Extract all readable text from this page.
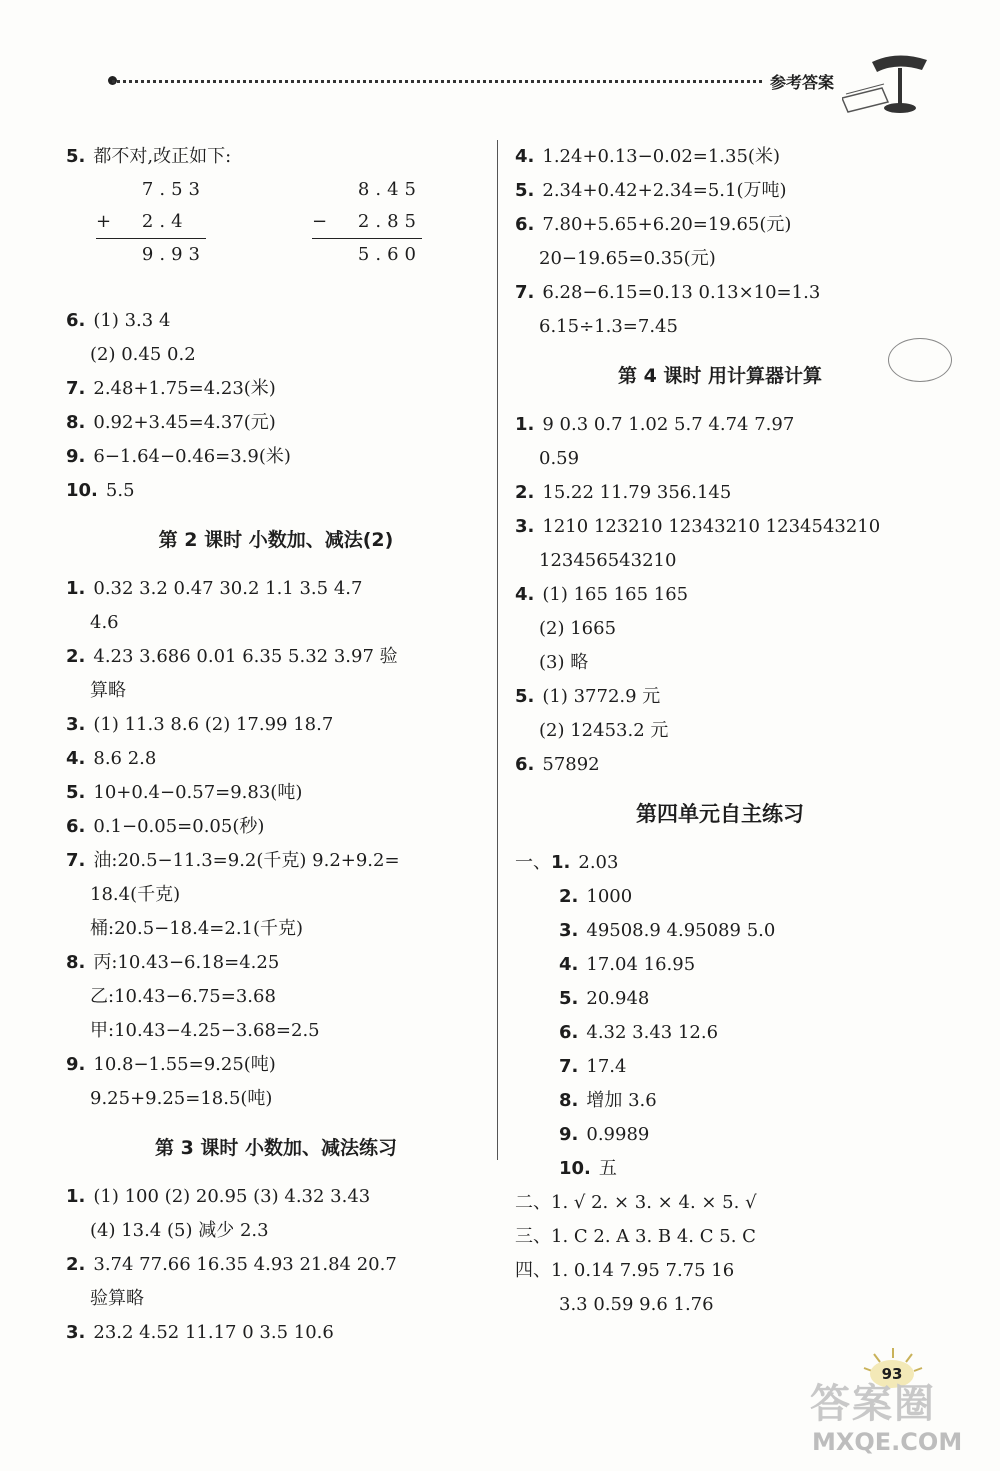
参考答案
5. 都不对,改正如下:
7.53
+ 2.4
9.93
8.45
− 2.85
5.60
6. (1) 3.3 4
(2) 0.45 0.2
7. 2.48+1.75=4.23(米)
8. 0.92+3.45=4.37(元)
9. 6−1.64−0.46=3.9(米)
10. 5.5
第 2 课时 小数加、减法(2)
1. 0.32 3.2 0.47 30.2 1.1 3.5 4.7
4.6
2. 4.23 3.686 0.01 6.35 5.32 3.97 验
算略
3. (1) 11.3 8.6 (2) 17.99 18.7
4. 8.6 2.8
5. 10+0.4−0.57=9.83(吨)
6. 0.1−0.05=0.05(秒)
7. 油:20.5−11.3=9.2(千克) 9.2+9.2=
18.4(千克)
桶:20.5−18.4=2.1(千克)
8. 丙:10.43−6.18=4.25
乙:10.43−6.75=3.68
甲:10.43−4.25−3.68=2.5
9. 10.8−1.55=9.25(吨)
9.25+9.25=18.5(吨)
第 3 课时 小数加、减法练习
1. (1) 100 (2) 20.95 (3) 4.32 3.43
(4) 13.4 (5) 减少 2.3
2. 3.74 77.66 16.35 4.93 21.84 20.7
验算略
3. 23.2 4.52 11.17 0 3.5 10.6
4. 1.24+0.13−0.02=1.35(米)
5. 2.34+0.42+2.34=5.1(万吨)
6. 7.80+5.65+6.20=19.65(元)
20−19.65=0.35(元)
7. 6.28−6.15=0.13 0.13×10=1.3
6.15÷1.3=7.45
第 4 课时 用计算器计算
1. 9 0.3 0.7 1.02 5.7 4.74 7.97
0.59
2. 15.22 11.79 356.145
3. 1210 123210 12343210 1234543210
123456543210
4. (1) 165 165 165
(2) 1665
(3) 略
5. (1) 3772.9 元
(2) 12453.2 元
6. 57892
第四单元自主练习
一、1. 2.03
2. 1000
3. 49508.9 4.95089 5.0
4. 17.04 16.95
5. 20.948
6. 4.32 3.43 12.6
7. 17.4
8. 增加 3.6
9. 0.9989
10. 五
二、1. √ 2. × 3. × 4. × 5. √
三、1. C 2. A 3. B 4. C 5. C
四、1. 0.14 7.95 7.75 16
3.3 0.59 9.6 1.76
93
答案圈
MXQE.COM
